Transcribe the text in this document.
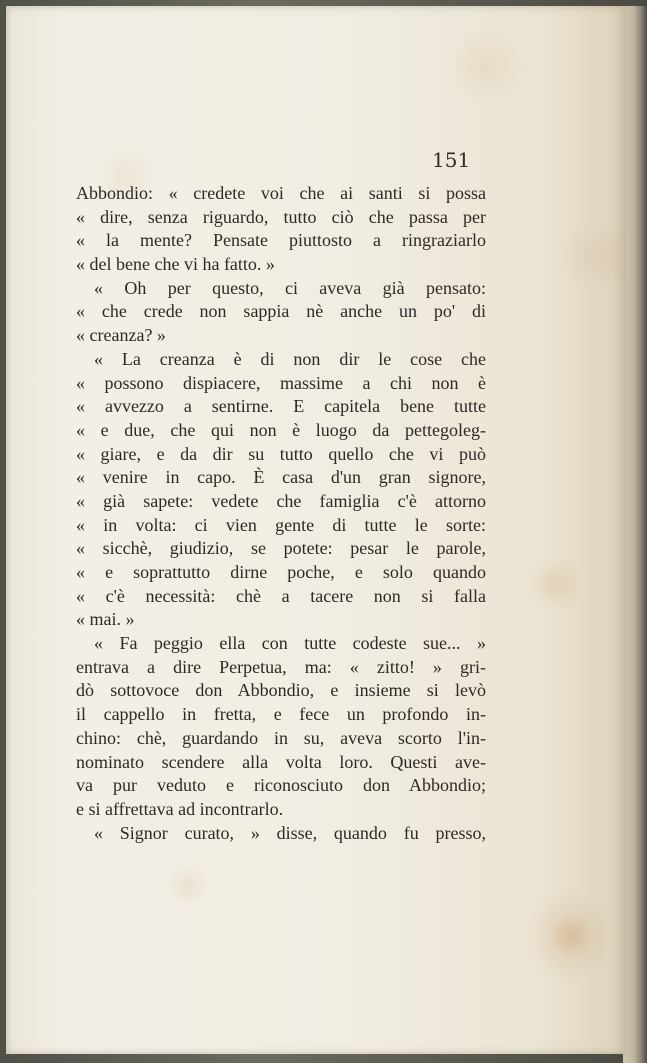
151

Abbondio: « credete voi che ai santi si possa
« dire, senza riguardo, tutto ciò che passa per
« la mente? Pensate piuttosto a ringraziarlo
« del bene che vi ha fatto. »
« Oh per questo, ci aveva già pensato:
« che crede non sappia nè anche un po' di
« creanza? »
« La creanza è di non dir le cose che
« possono dispiacere, massime a chi non è
« avvezzo a sentirne. E capitela bene tutte
« e due, che qui non è luogo da pettegoleg-
« giare, e da dir su tutto quello che vi può
« venire in capo. È casa d'un gran signore,
« già sapete: vedete che famiglia c'è attorno
« in volta: ci vien gente di tutte le sorte:
« sicchè, giudizio, se potete: pesar le parole,
« e soprattutto dirne poche, e solo quando
« c'è necessità: chè a tacere non si falla
« mai. »
« Fa peggio ella con tutte codeste sue... »
entrava a dire Perpetua, ma: « zitto! » gri-
dò sottovoce don Abbondio, e insieme si levò
il cappello in fretta, e fece un profondo in-
chino: chè, guardando in su, aveva scorto l'in-
nominato scendere alla volta loro. Questi ave-
va pur veduto e riconosciuto don Abbondio;
e si affrettava ad incontrarlo.
« Signor curato, » disse, quando fu presso,
